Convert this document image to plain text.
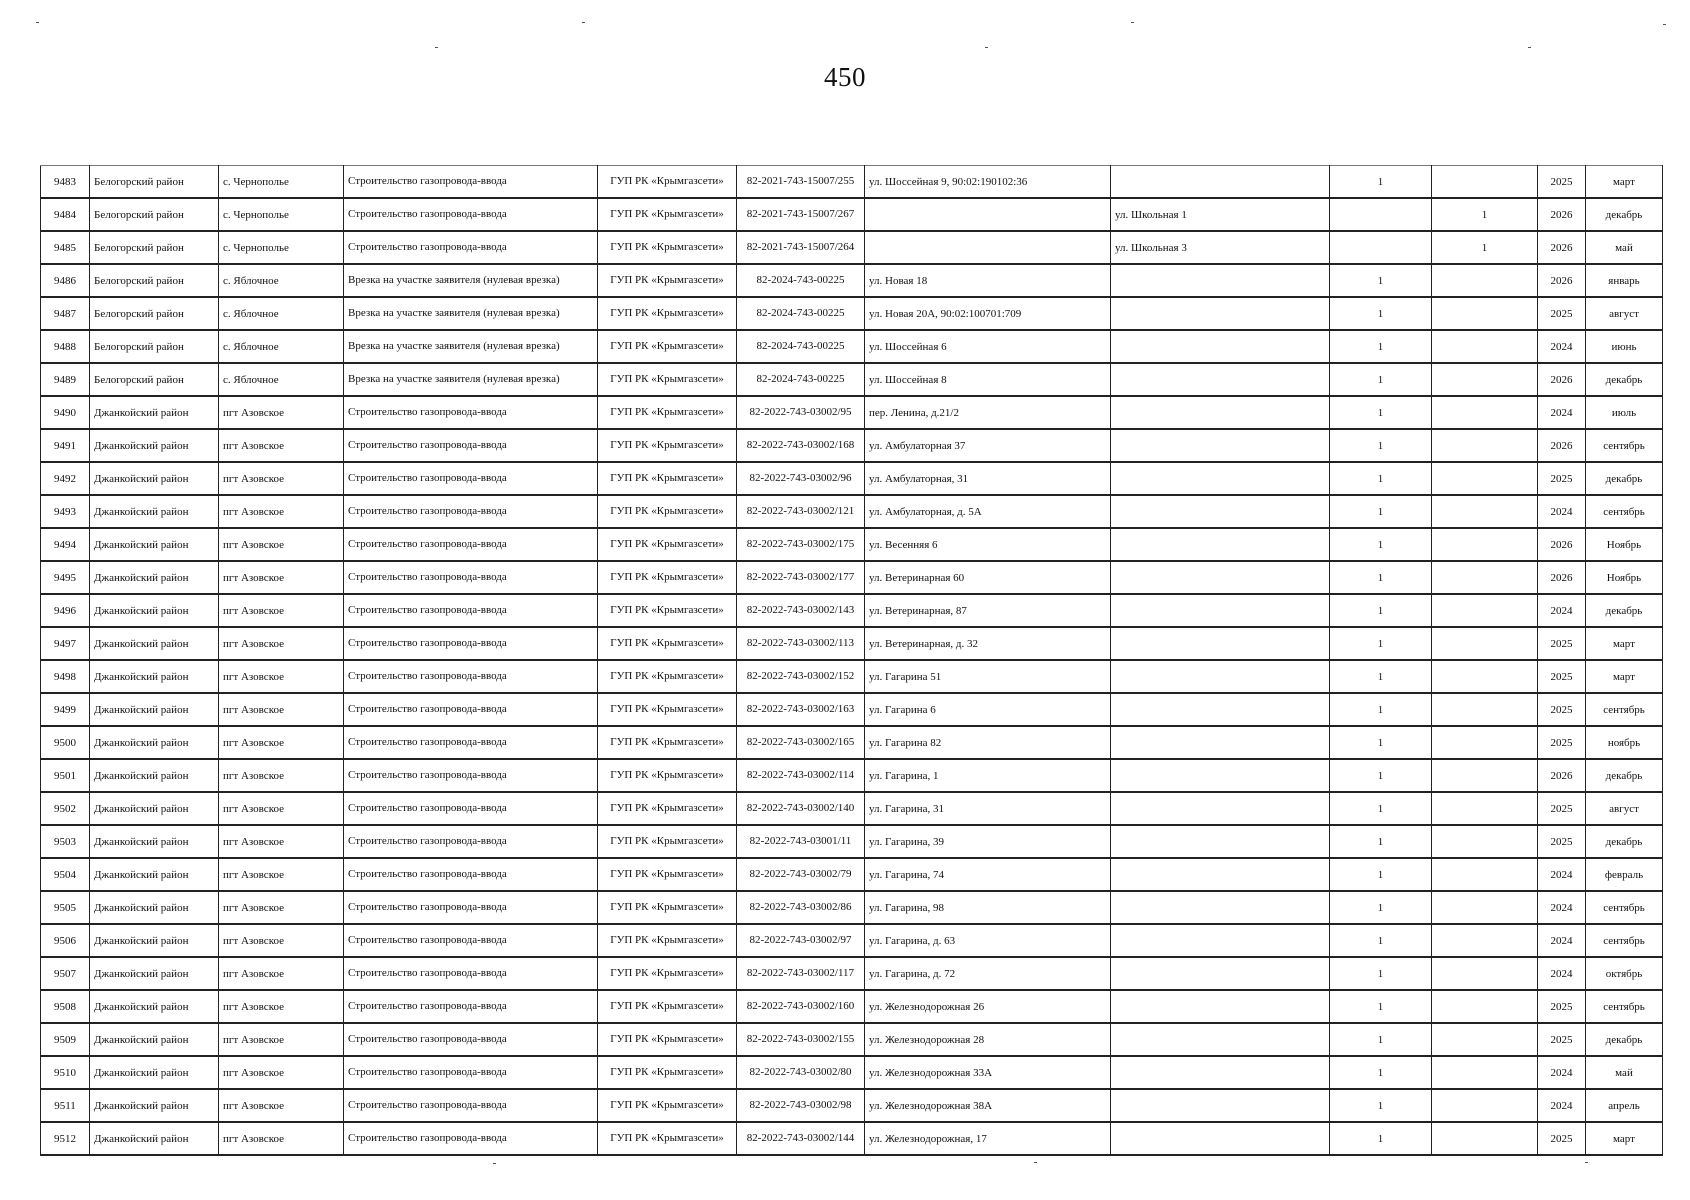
450
9483	Белогорский район	с. Чернополье	Строительство газопровода-ввода	ГУП РК «Крымгазсети»	82-2021-743-15007/255	ул. Шоссейная 9, 90:02:190102:36		1		2025	март
9484	Белогорский район	с. Чернополье	Строительство газопровода-ввода	ГУП РК «Крымгазсети»	82-2021-743-15007/267		ул. Школьная 1		1	2026	декабрь
9485	Белогорский район	с. Чернополье	Строительство газопровода-ввода	ГУП РК «Крымгазсети»	82-2021-743-15007/264		ул. Школьная 3		1	2026	май
9486	Белогорский район	с. Яблочное	Врезка на участке заявителя (нулевая врезка)	ГУП РК «Крымгазсети»	82-2024-743-00225	ул. Новая 18		1		2026	январь
9487	Белогорский район	с. Яблочное	Врезка на участке заявителя (нулевая врезка)	ГУП РК «Крымгазсети»	82-2024-743-00225	ул. Новая 20А, 90:02:100701:709		1		2025	август
9488	Белогорский район	с. Яблочное	Врезка на участке заявителя (нулевая врезка)	ГУП РК «Крымгазсети»	82-2024-743-00225	ул. Шоссейная 6		1		2024	июнь
9489	Белогорский район	с. Яблочное	Врезка на участке заявителя (нулевая врезка)	ГУП РК «Крымгазсети»	82-2024-743-00225	ул. Шоссейная 8		1		2026	декабрь
9490	Джанкойский район	пгт Азовское	Строительство газопровода-ввода	ГУП РК «Крымгазсети»	82-2022-743-03002/95	пер. Ленина, д.21/2		1		2024	июль
9491	Джанкойский район	пгт Азовское	Строительство газопровода-ввода	ГУП РК «Крымгазсети»	82-2022-743-03002/168	ул. Амбулаторная 37		1		2026	сентябрь
9492	Джанкойский район	пгт Азовское	Строительство газопровода-ввода	ГУП РК «Крымгазсети»	82-2022-743-03002/96	ул. Амбулаторная, 31		1		2025	декабрь
9493	Джанкойский район	пгт Азовское	Строительство газопровода-ввода	ГУП РК «Крымгазсети»	82-2022-743-03002/121	ул. Амбулаторная, д. 5А		1		2024	сентябрь
9494	Джанкойский район	пгт Азовское	Строительство газопровода-ввода	ГУП РК «Крымгазсети»	82-2022-743-03002/175	ул. Весенняя 6		1		2026	Ноябрь
9495	Джанкойский район	пгт Азовское	Строительство газопровода-ввода	ГУП РК «Крымгазсети»	82-2022-743-03002/177	ул. Ветеринарная 60		1		2026	Ноябрь
9496	Джанкойский район	пгт Азовское	Строительство газопровода-ввода	ГУП РК «Крымгазсети»	82-2022-743-03002/143	ул. Ветеринарная, 87		1		2024	декабрь
9497	Джанкойский район	пгт Азовское	Строительство газопровода-ввода	ГУП РК «Крымгазсети»	82-2022-743-03002/113	ул. Ветеринарная, д. 32		1		2025	март
9498	Джанкойский район	пгт Азовское	Строительство газопровода-ввода	ГУП РК «Крымгазсети»	82-2022-743-03002/152	ул. Гагарина 51		1		2025	март
9499	Джанкойский район	пгт Азовское	Строительство газопровода-ввода	ГУП РК «Крымгазсети»	82-2022-743-03002/163	ул. Гагарина 6		1		2025	сентябрь
9500	Джанкойский район	пгт Азовское	Строительство газопровода-ввода	ГУП РК «Крымгазсети»	82-2022-743-03002/165	ул. Гагарина 82		1		2025	ноябрь
9501	Джанкойский район	пгт Азовское	Строительство газопровода-ввода	ГУП РК «Крымгазсети»	82-2022-743-03002/114	ул. Гагарина, 1		1		2026	декабрь
9502	Джанкойский район	пгт Азовское	Строительство газопровода-ввода	ГУП РК «Крымгазсети»	82-2022-743-03002/140	ул. Гагарина, 31		1		2025	август
9503	Джанкойский район	пгт Азовское	Строительство газопровода-ввода	ГУП РК «Крымгазсети»	82-2022-743-03001/11	ул. Гагарина, 39		1		2025	декабрь
9504	Джанкойский район	пгт Азовское	Строительство газопровода-ввода	ГУП РК «Крымгазсети»	82-2022-743-03002/79	ул. Гагарина, 74		1		2024	февраль
9505	Джанкойский район	пгт Азовское	Строительство газопровода-ввода	ГУП РК «Крымгазсети»	82-2022-743-03002/86	ул. Гагарина, 98		1		2024	сентябрь
9506	Джанкойский район	пгт Азовское	Строительство газопровода-ввода	ГУП РК «Крымгазсети»	82-2022-743-03002/97	ул. Гагарина, д. 63		1		2024	сентябрь
9507	Джанкойский район	пгт Азовское	Строительство газопровода-ввода	ГУП РК «Крымгазсети»	82-2022-743-03002/117	ул. Гагарина, д. 72		1		2024	октябрь
9508	Джанкойский район	пгт Азовское	Строительство газопровода-ввода	ГУП РК «Крымгазсети»	82-2022-743-03002/160	ул. Железнодорожная 26		1		2025	сентябрь
9509	Джанкойский район	пгт Азовское	Строительство газопровода-ввода	ГУП РК «Крымгазсети»	82-2022-743-03002/155	ул. Железнодорожная 28		1		2025	декабрь
9510	Джанкойский район	пгт Азовское	Строительство газопровода-ввода	ГУП РК «Крымгазсети»	82-2022-743-03002/80	ул. Железнодорожная 33А		1		2024	май
9511	Джанкойский район	пгт Азовское	Строительство газопровода-ввода	ГУП РК «Крымгазсети»	82-2022-743-03002/98	ул. Железнодорожная 38А		1		2024	апрель
9512	Джанкойский район	пгт Азовское	Строительство газопровода-ввода	ГУП РК «Крымгазсети»	82-2022-743-03002/144	ул. Железнодорожная, 17		1		2025	март
